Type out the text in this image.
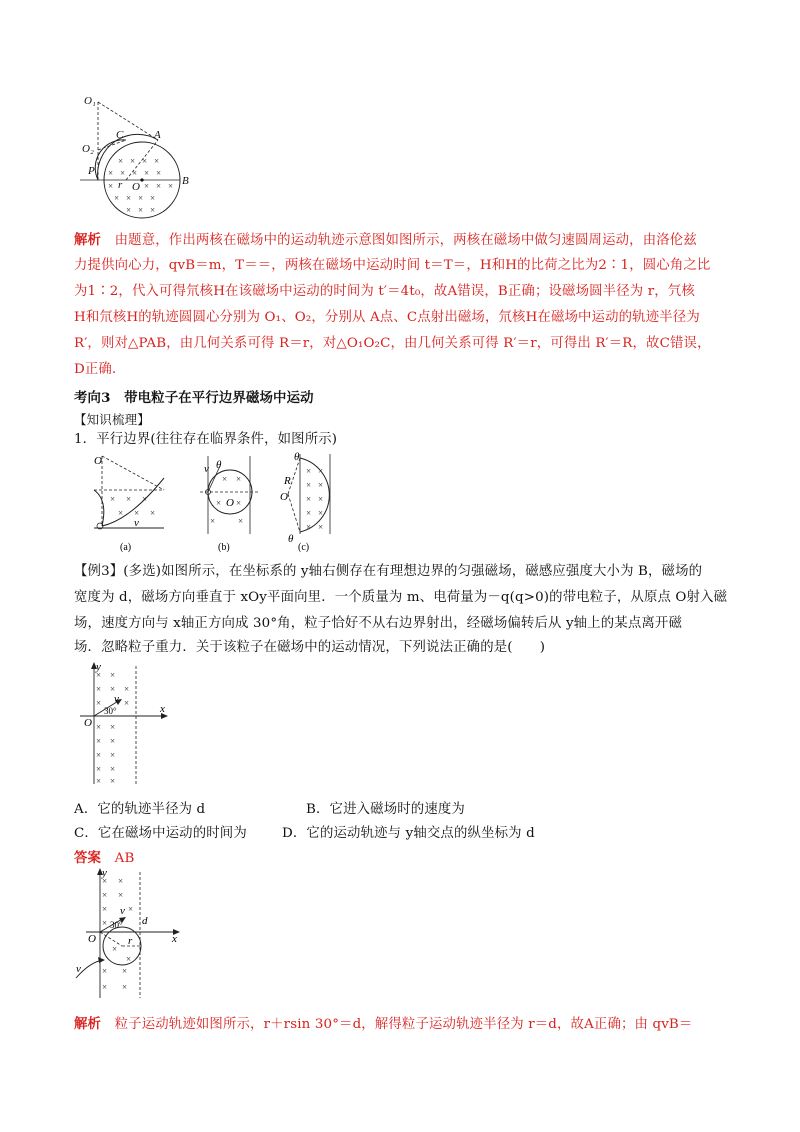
× × × ×
× × × × ×
×	× × ×
× × × ×
× × ×
O₁
C	A
O₂
P
r O	B
解析　 由题意，作出两核在磁场中的运动轨迹示意图如图所示，两核在磁场中做匀速圆周运动，由洛伦兹
力提供向心力，qvB＝m，T＝＝，两核在磁场中运动时间 t＝T＝，H和H的比荷之比为2∶1，圆心角之比
为1∶2，代入可得氘核H在该磁场中运动的时间为 t′＝4t₀，故A错误，B正确；设磁场圆半径为 r，氕核
H和氘核H的轨迹圆圆心分别为 O₁、O₂，分别从 A点、C点射出磁场，氘核H在磁场中运动的轨迹半径为
R′，则对△PAB，由几何关系可得 R＝r，对△O₁O₂C，由几何关系可得 R′＝r，可得出 R′＝R，故C错误，
D正确．
考向3　带电粒子在平行边界磁场中运动
【知识梳理】
1．平行边界(往往存在临界条件，如图所示)
× × ×
× × ×
O
v
(a)
× ×
× ×
×	×
v θ
O
(b)
× ×
× ×
× ×
× ×
× ×
θ
R
O
θ
(c)
【例3】(多选)如图所示，在坐标系的 y轴右侧存在有理想边界的匀强磁场，磁感应强度大小为 B，磁场的
宽度为 d，磁场方向垂直于 xOy平面向里．一个质量为 m、电荷量为－q(q>0)的带电粒子，从原点 O射入磁
场，速度方向与 x轴正方向成 30°角，粒子恰好不从右边界射出，经磁场偏转后从 y轴上的某点离开磁
场．忽略粒子重力．关于该粒子在磁场中的运动情况，下列说法正确的是(　　)
× ×
× × ×
×	×
× ×
× ×
× ×
× ×
× ×
y
v
30°
O
x
A．它的轨迹半径为 d	B．它进入磁场时的速度为
C．它在磁场中运动的时间为	D．它的运动轨迹与 y轴交点的纵坐标为 d
答案　 AB
× ×
× ×
× ×
×
×
×
× ×
× ×
y
v
30° d
O	r	x
v
解析　 粒子运动轨迹如图所示，r＋rsin 30°＝d，解得粒子运动轨迹半径为 r＝d，故A正确；由 qvB＝
